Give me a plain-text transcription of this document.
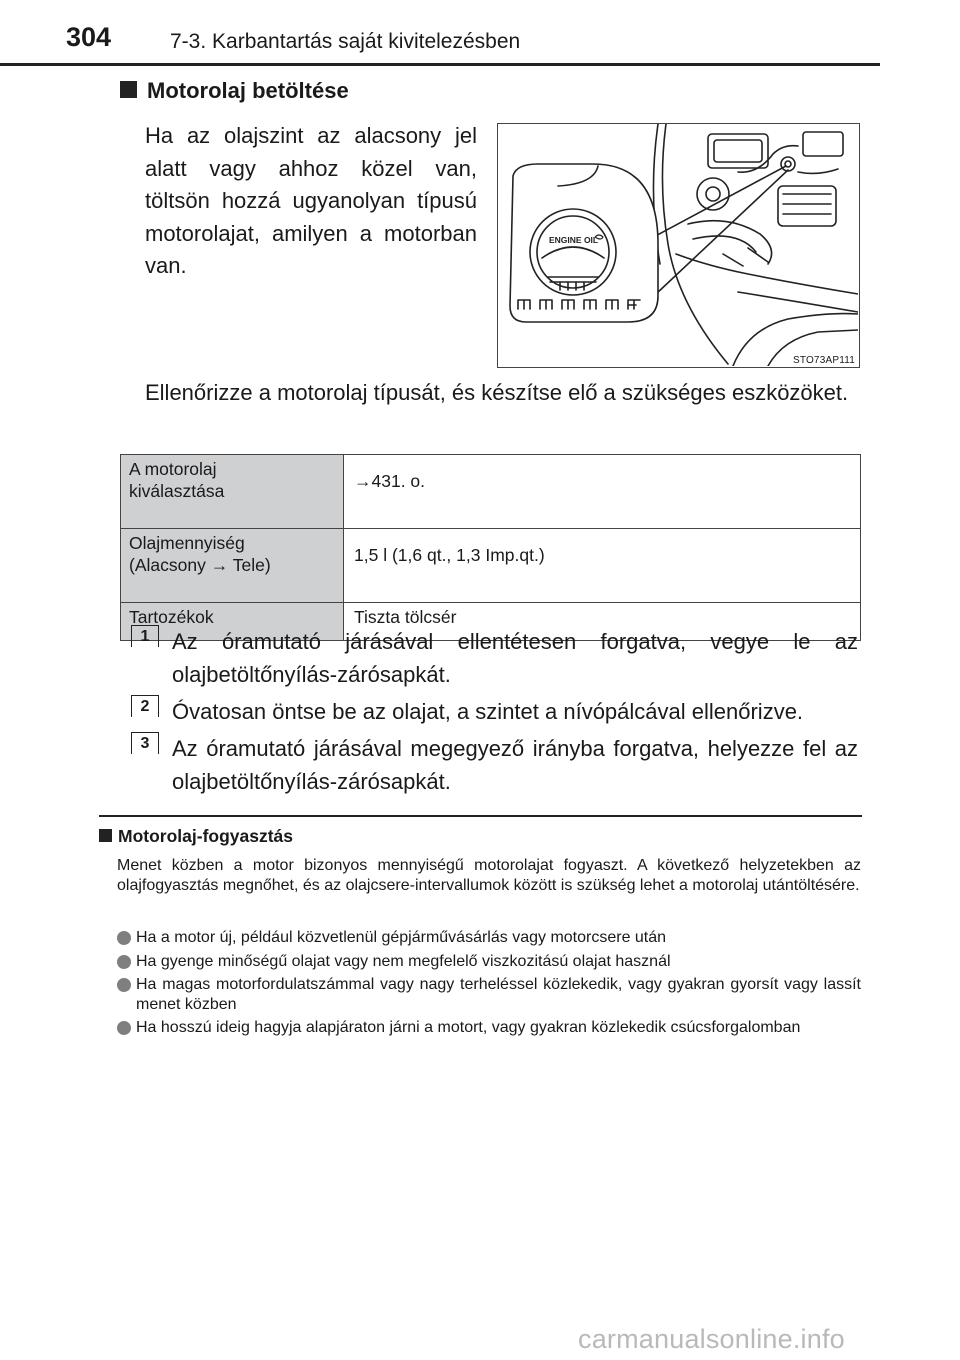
304	7-3. Karbantartás saját kivitelezésben
Motorolaj betöltése
Ha az olajszint az alacsony jel alatt vagy ahhoz közel van, töltsön hozzá ugyanolyan típusú motorolajat, amilyen a motorban van.
ENGINE OIL
STO73AP111
Ellenőrizze a motorolaj típusát, és készítse elő a szükséges eszközöket.
A motorolaj
kiválasztása	→431. o.
Olajmennyiség
(Alacsony → Tele)	1,5 l (1,6 qt., 1,3 Imp.qt.)
Tartozékok	Tiszta tölcsér
1	Az óramutató járásával ellentétesen forgatva, vegye le az olajbetöltőnyílás-zárósapkát.
2	Óvatosan öntse be az olajat, a szintet a nívópálcával ellenőrizve.
3	Az óramutató járásával megegyező irányba forgatva, helyezze fel az olajbetöltőnyílás-zárósapkát.
Motorolaj-fogyasztás
Menet közben a motor bizonyos mennyiségű motorolajat fogyaszt. A következő helyzetekben az olajfogyasztás megnőhet, és az olajcsere-intervallumok között is szükség lehet a motorolaj utántöltésére.
Ha a motor új, például közvetlenül gépjárművásárlás vagy motorcsere után
Ha gyenge minőségű olajat vagy nem megfelelő viszkozitású olajat használ
Ha magas motorfordulatszámmal vagy nagy terheléssel közlekedik, vagy gyakran gyorsít vagy lassít menet közben
Ha hosszú ideig hagyja alapjáraton járni a motort, vagy gyakran közlekedik csúcsforgalomban
carmanualsonline.info
